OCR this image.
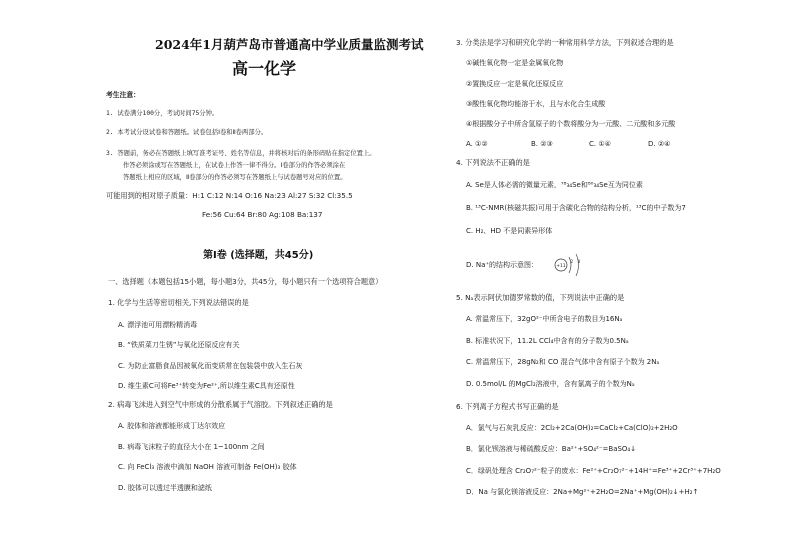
2024年1月葫芦岛市普通高中学业质量监测考试
高一化学
考生注意：
1. 试卷满分100分，考试时间75分钟。
2. 本考试分设试卷和答题纸。试卷包括Ⅰ卷和Ⅱ卷两部分。
3. 答题前，务必在答题纸上填写准考证号、姓名等信息，并将核对后的条形码贴在指定位置上。
作答必须涂或写在答题纸上，在试卷上作答一律不得分。Ⅰ卷部分的作答必须涂在
答题纸上相应的区域，Ⅱ卷部分的作答必须写在答题纸上与试卷题号对应的位置。
可能用到的相对原子质量：H:1 C:12 N:14 O:16 Na:23 Al:27 S:32 Cl:35.5
Fe:56 Cu:64 Br:80 Ag:108 Ba:137
第Ⅰ卷 (选择题，共45分)
一、选择题（本题包括15小题，每小题3分，共45分，每小题只有一个选项符合题意）
1. 化学与生活等密切相关,下列说法错误的是
A. 漂浮池可用漂粉精消毒
B. “铁质菜刀生锈”与氧化还原反应有关
C. 为防止富脂食品因被氧化而变质常在包装袋中放入生石灰
D. 维生素C可将Fe³⁺转变为Fe²⁺,所以维生素C具有还原性
2. 病毒飞沫进入到空气中形成的分散系属于气溶胶。下列叙述正确的是
A. 胶体和溶液都能形成丁达尔效应
B. 病毒飞沫粒子的直径大小在 1~100nm 之间
C. 向 FeCl₃ 溶液中滴加 NaOH 溶液可制备 Fe(OH)₃ 胶体
D. 胶体可以透过半透膜和滤纸
3. 分类法是学习和研究化学的一种常用科学方法，下列叙述合理的是
①碱性氧化物一定是金属氧化物
②置换反应一定是氧化还原反应
③酸性氧化物均能溶于水，且与水化合生成酸
④根据酸分子中所含氢原子的个数将酸分为一元酸、二元酸和多元酸
A. ①②	B. ②③	C. ①④	D. ②④
4. 下列说法不正确的是
A. Se是人体必需的微量元素，⁷⁸₃₄Se和⁸⁰₃₄Se互为同位素
B. ¹³C-NMR(核磁共振)可用于含碳化合物的结构分析，¹³C的中子数为7
C. H₂、HD 不是同素异形体
D. Na⁺的结构示意图：	+11
2 8
5. Nₐ表示阿伏加德罗常数的值，下列说法中正确的是
A. 常温常压下，32gO²⁻中所含电子的数目为16Nₐ
B. 标准状况下，11.2L CCl₄中含有的分子数为0.5Nₐ
C. 常温常压下，28gN₂和 CO 混合气体中含有原子个数为 2Nₐ
D. 0.5mol/L 的MgCl₂溶液中，含有氯离子的个数为Nₐ
6. 下列离子方程式书写正确的是
A．氯气与石灰乳反应：2Cl₂+2Ca(OH)₂=CaCl₂+Ca(ClO)₂+2H₂O
B．氯化钡溶液与稀硫酸反应：Ba²⁺+SO₄²⁻=BaSO₄↓
C．绿矾处理含 Cr₂O₇²⁻粒子的废水：Fe²⁺+Cr₂O₇²⁻+14H⁺=Fe³⁺+2Cr³⁺+7H₂O
D．Na 与氯化镁溶液反应：2Na+Mg²⁺+2H₂O=2Na⁺+Mg(OH)₂↓+H₂↑
